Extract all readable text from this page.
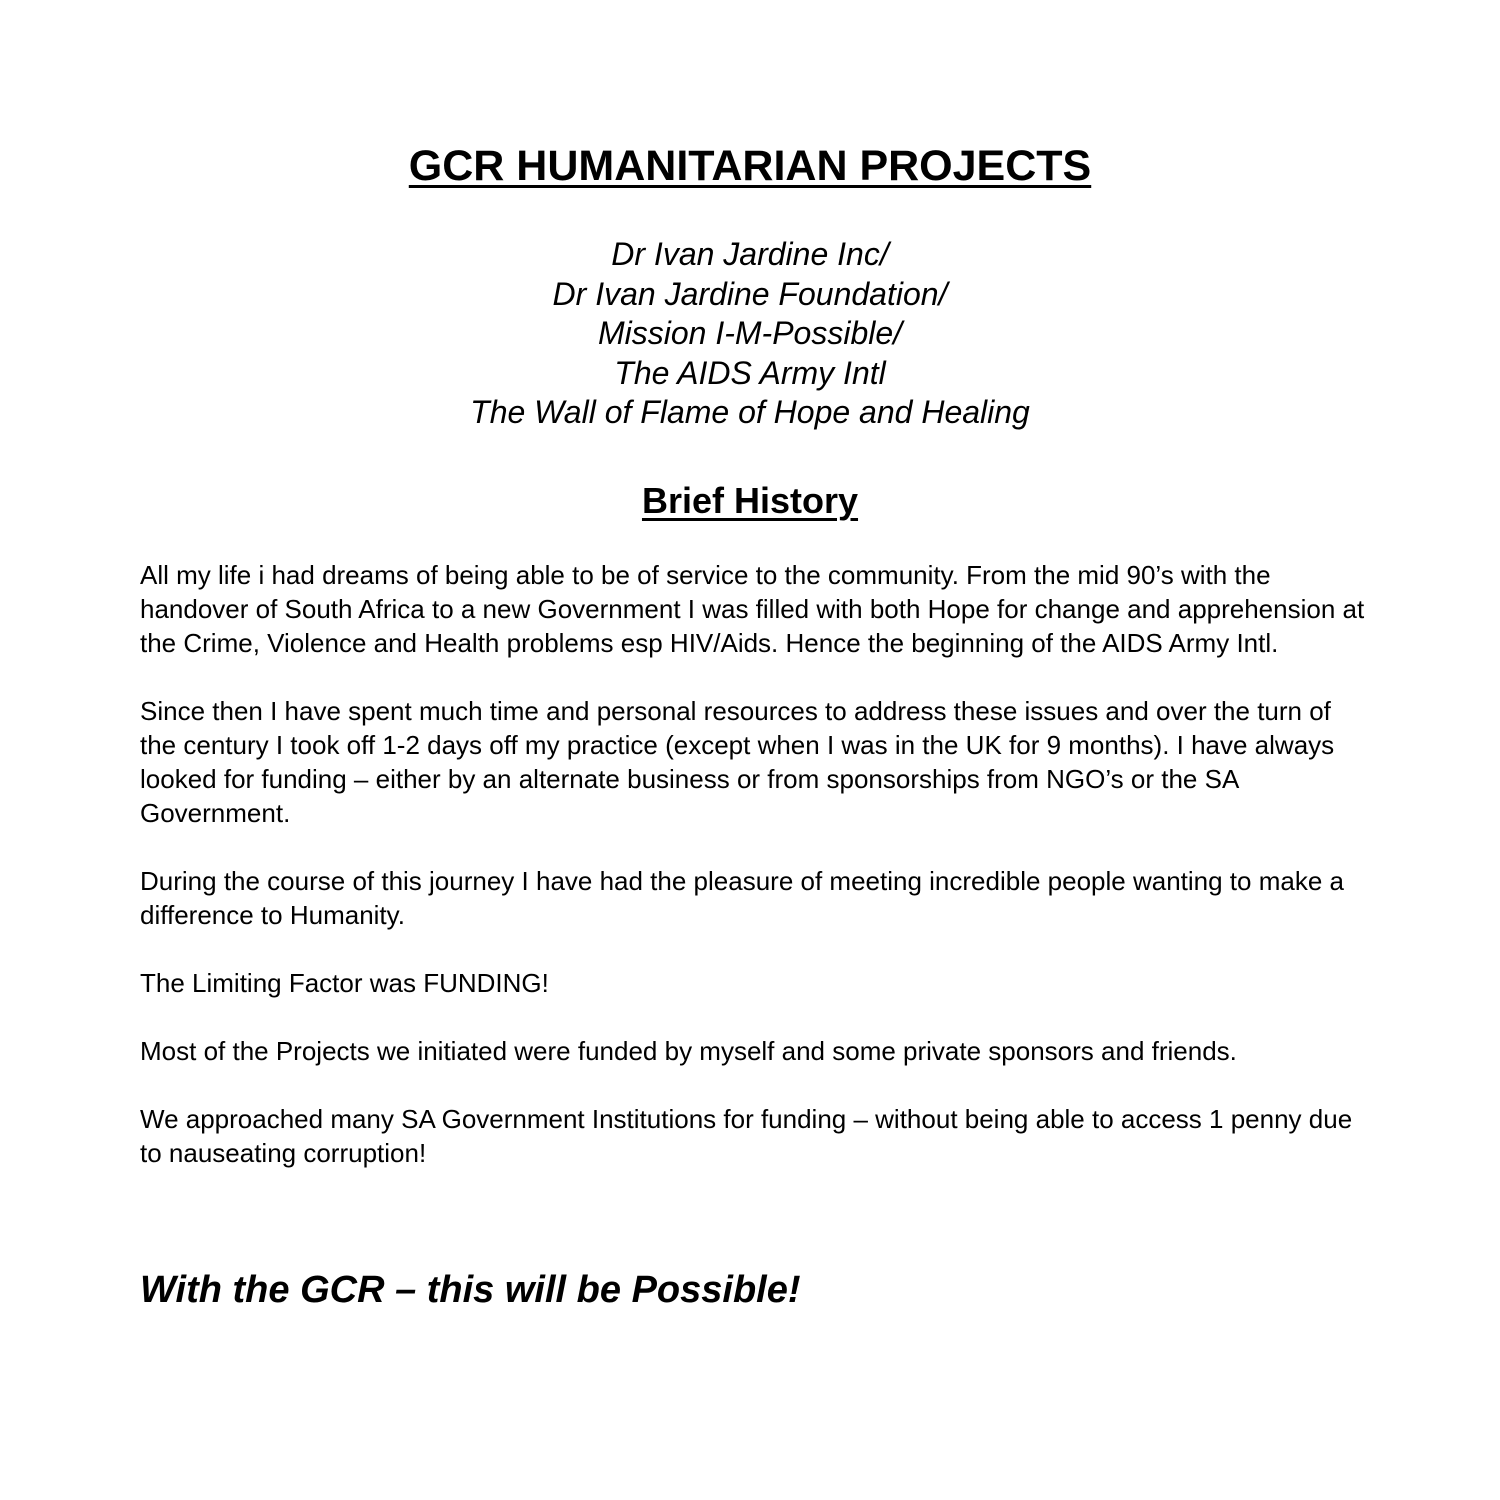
GCR HUMANITARIAN PROJECTS
Dr Ivan Jardine Inc/
Dr Ivan Jardine Foundation/
Mission I-M-Possible/
The AIDS Army Intl
The Wall of Flame of Hope and Healing
Brief History

All my life i had dreams of being able to be of service to the community. From the mid 90’s with the handover of South Africa to a new Government I was filled with both Hope for change and apprehension at the Crime, Violence and Health problems esp HIV/Aids. Hence the beginning of the AIDS Army Intl.

Since then I have spent much time and personal resources to address these issues and over the turn of the century I took off 1-2 days off my practice (except when I was in the UK for 9 months). I have always looked for funding – either by an alternate business or from sponsorships from NGO’s or the SA Government.

During the course of this journey I have had the pleasure of meeting incredible people wanting to make a difference to Humanity.

The Limiting Factor was FUNDING!

Most of the Projects we initiated were funded by myself and some private sponsors and friends.

We approached many SA Government Institutions for funding – without being able to access 1 penny due to nauseating corruption!

With the GCR – this will be Possible!
